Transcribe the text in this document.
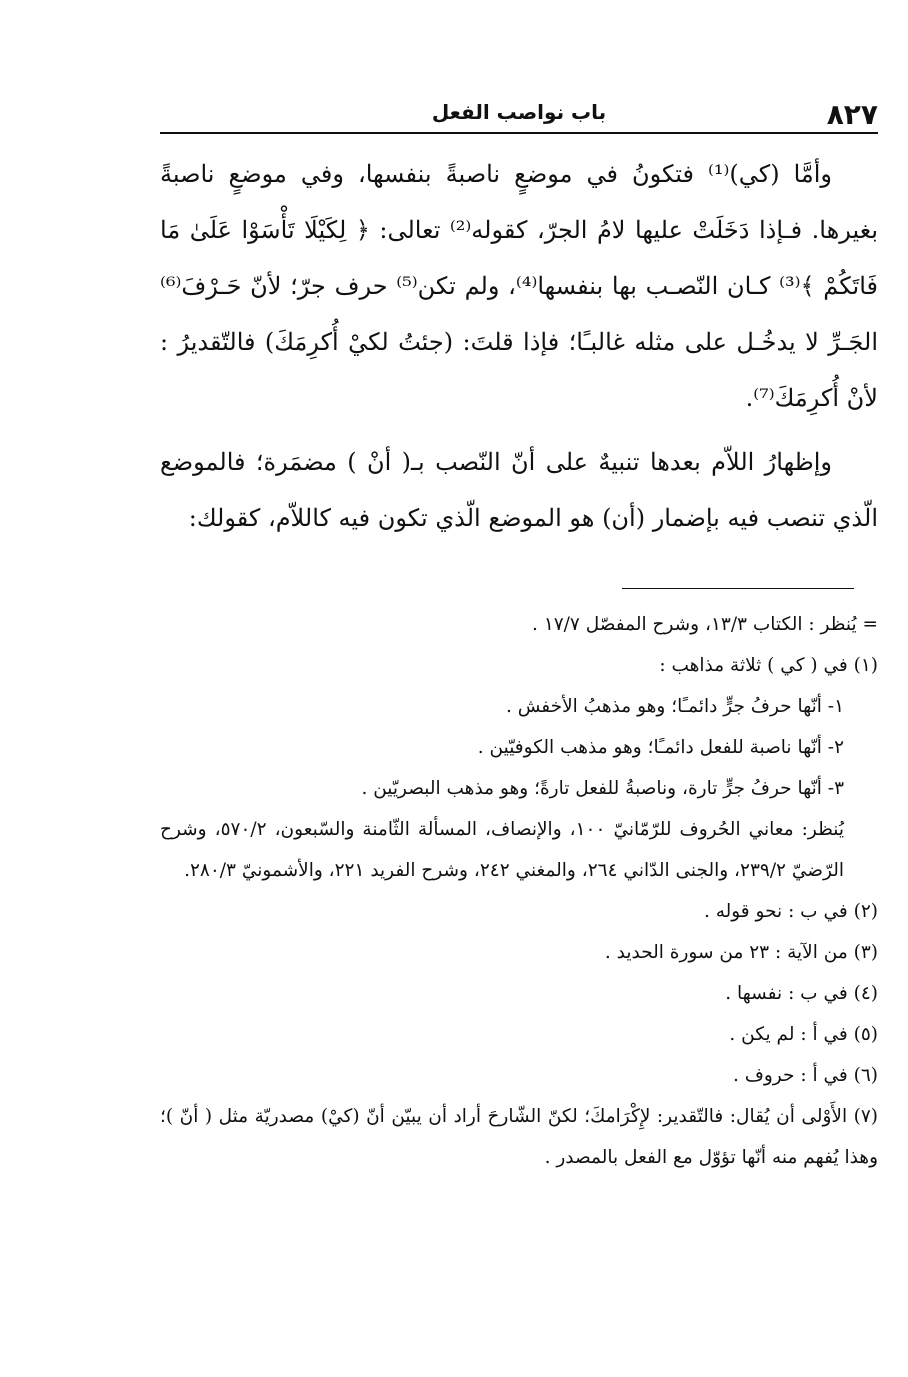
٨٢٧
باب نواصب الفعل

وأمَّا (كي)⁽¹⁾ فتكونُ في موضعٍ ناصبةً بنفسها، وفي موضعٍ ناصبةً بغيرها. فـإذا دَخَلَتْ عليها لامُ الجرّ، كقوله⁽²⁾ تعالى: ﴿ لِكَيْلَا تَأْسَوْا عَلَىٰ مَا فَاتَكُمْ ﴾⁽³⁾ كـان النّصـب بها بنفسها⁽⁴⁾، ولم تكن⁽⁵⁾ حرف جرّ؛ لأنّ حَـرْفَ⁽⁶⁾ الجَـرِّ لا يدخُـل على مثله غالبـًا؛ فإذا قلتَ: (جئتُ لكيْ أُكرِمَكَ) فالتّقديرُ : لأنْ أُكرِمَكَ⁽⁷⁾.

وإظهارُ اللاّم بعدها تنبيهٌ على أنّ النّصب بـ( أنْ ) مضمَرة؛ فالموضع الّذي تنصب فيه بإضمار (أن) هو الموضع الّذي تكون فيه كاللاّم، كقولك:

= يُنظر : الكتاب ١٣/٣، وشرح المفصّل ١٧/٧ .

(١) في ( كي ) ثلاثة مذاهب :

١- أنّها حرفُ جرٍّ دائمـًا؛ وهو مذهبُ الأخفش .

٢- أنّها ناصبة للفعل دائمـًا؛ وهو مذهب الكوفيّين .

٣- أنّها حرفُ جرٍّ تارة، وناصبةُ للفعل تارةً؛ وهو مذهب البصريّين .

يُنظر: معاني الحُروف للرّمّانيّ ١٠٠، والإنصاف، المسألة الثّامنة والسّبعون، ٥٧٠/٢، وشرح الرّضيّ ٢٣٩/٢، والجنى الدّاني ٢٦٤، والمغني ٢٤٢، وشرح الفريد ٢٢١، والأشمونيّ ٢٨٠/٣.

(٢) في ب : نحو قوله .

(٣) من الآية : ٢٣ من سورة الحديد .

(٤) في ب : نفسها .

(٥) في أ : لم يكن .

(٦) في أ : حروف .

(٧) الأَوْلى أن يُقال: فالتّقدير: لإِكْرَامكَ؛ لكنّ الشّارحَ أراد أن يبيّن أنّ (كيْ) مصدريّة مثل ( أنّ )؛ وهذا يُفهم منه أنّها تؤوّل مع الفعل بالمصدر .
